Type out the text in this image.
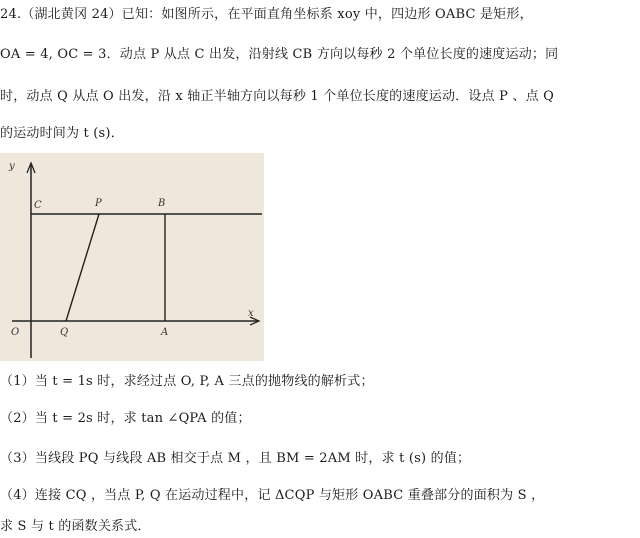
24.（湖北黄冈 24）已知：如图所示，在平面直角坐标系 xoy 中，四边形 OABC 是矩形，
OA = 4, OC = 3．动点 P 从点 C 出发，沿射线 CB 方向以每秒 2 个单位长度的速度运动；同
时，动点 Q 从点 O 出发，沿 x 轴正半轴方向以每秒 1 个单位长度的速度运动．设点 P 、点 Q
的运动时间为 t (s)．
y
C	P	B
O	Q	A
x
（1）当 t = 1s 时，求经过点 O, P, A 三点的抛物线的解析式；
（2）当 t = 2s 时，求 tan ∠QPA 的值；
（3）当线段 PQ 与线段 AB 相交于点 M ，且 BM = 2AM 时，求 t (s) 的值；
（4）连接 CQ ，当点 P, Q 在运动过程中，记 ΔCQP 与矩形 OABC 重叠部分的面积为 S ，
求 S 与 t 的函数关系式．
